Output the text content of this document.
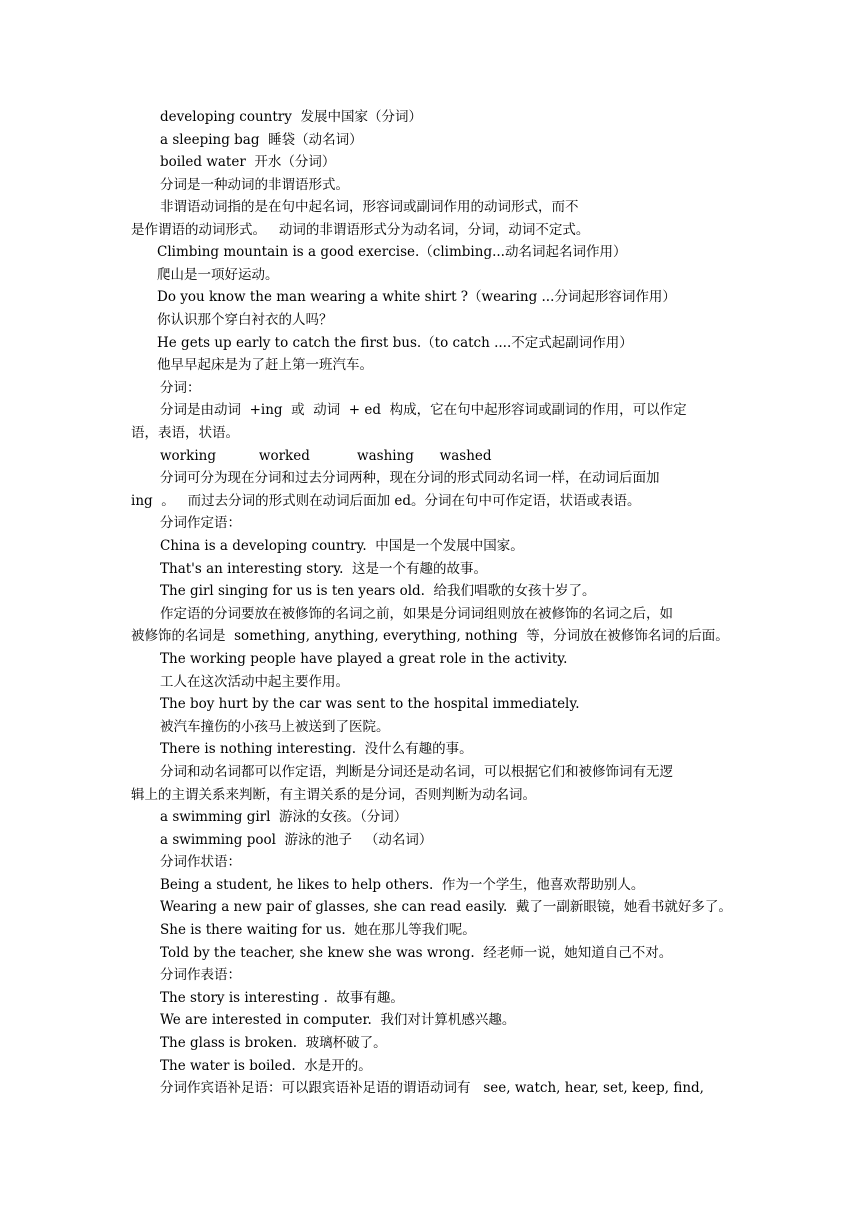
developing country  发展中国家（分词）
a sleeping bag  睡袋（动名词）
boiled water  开水（分词）
分词是一种动词的非谓语形式。
非谓语动词指的是在句中起名词，形容词或副词作用的动词形式，而不
是作谓语的动词形式。   动词的非谓语形式分为动名词，分词，动词不定式。
Climbing mountain is a good exercise.（climbing...动名词起名词作用）
爬山是一项好运动。
Do you know the man wearing a white shirt ?（wearing ...分词起形容词作用）
你认识那个穿白衬衣的人吗？
He gets up early to catch the first bus.（to catch ....不定式起副词作用）
他早早起床是为了赶上第一班汽车。
分词：
分词是由动词  +ing  或  动词  + ed  构成，它在句中起形容词或副词的作用，可以作定
语，表语，状语。
working          worked           washing      washed
分词可分为现在分词和过去分词两种，现在分词的形式同动名词一样，在动词后面加
ing  。   而过去分词的形式则在动词后面加 ed。分词在句中可作定语，状语或表语。
分词作定语：
China is a developing country.  中国是一个发展中国家。
That's an interesting story.  这是一个有趣的故事。
The girl singing for us is ten years old.  给我们唱歌的女孩十岁了。
作定语的分词要放在被修饰的名词之前，如果是分词词组则放在被修饰的名词之后，如
被修饰的名词是  something, anything, everything, nothing  等，分词放在被修饰名词的后面。
The working people have played a great role in the activity.
工人在这次活动中起主要作用。
The boy hurt by the car was sent to the hospital immediately.
被汽车撞伤的小孩马上被送到了医院。
There is nothing interesting.  没什么有趣的事。
分词和动名词都可以作定语，判断是分词还是动名词，可以根据它们和被修饰词有无逻
辑上的主谓关系来判断，有主谓关系的是分词，否则判断为动名词。
a swimming girl  游泳的女孩。（分词）
a swimming pool  游泳的池子   （动名词）
分词作状语：
Being a student, he likes to help others.  作为一个学生，他喜欢帮助别人。
Wearing a new pair of glasses, she can read easily.  戴了一副新眼镜，她看书就好多了。
She is there waiting for us.  她在那儿等我们呢。
Told by the teacher, she knew she was wrong.  经老师一说，她知道自己不对。
分词作表语：
The story is interesting .  故事有趣。
We are interested in computer.  我们对计算机感兴趣。
The glass is broken.  玻璃杯破了。
The water is boiled.  水是开的。
分词作宾语补足语：可以跟宾语补足语的谓语动词有   see, watch, hear, set, keep, find,
